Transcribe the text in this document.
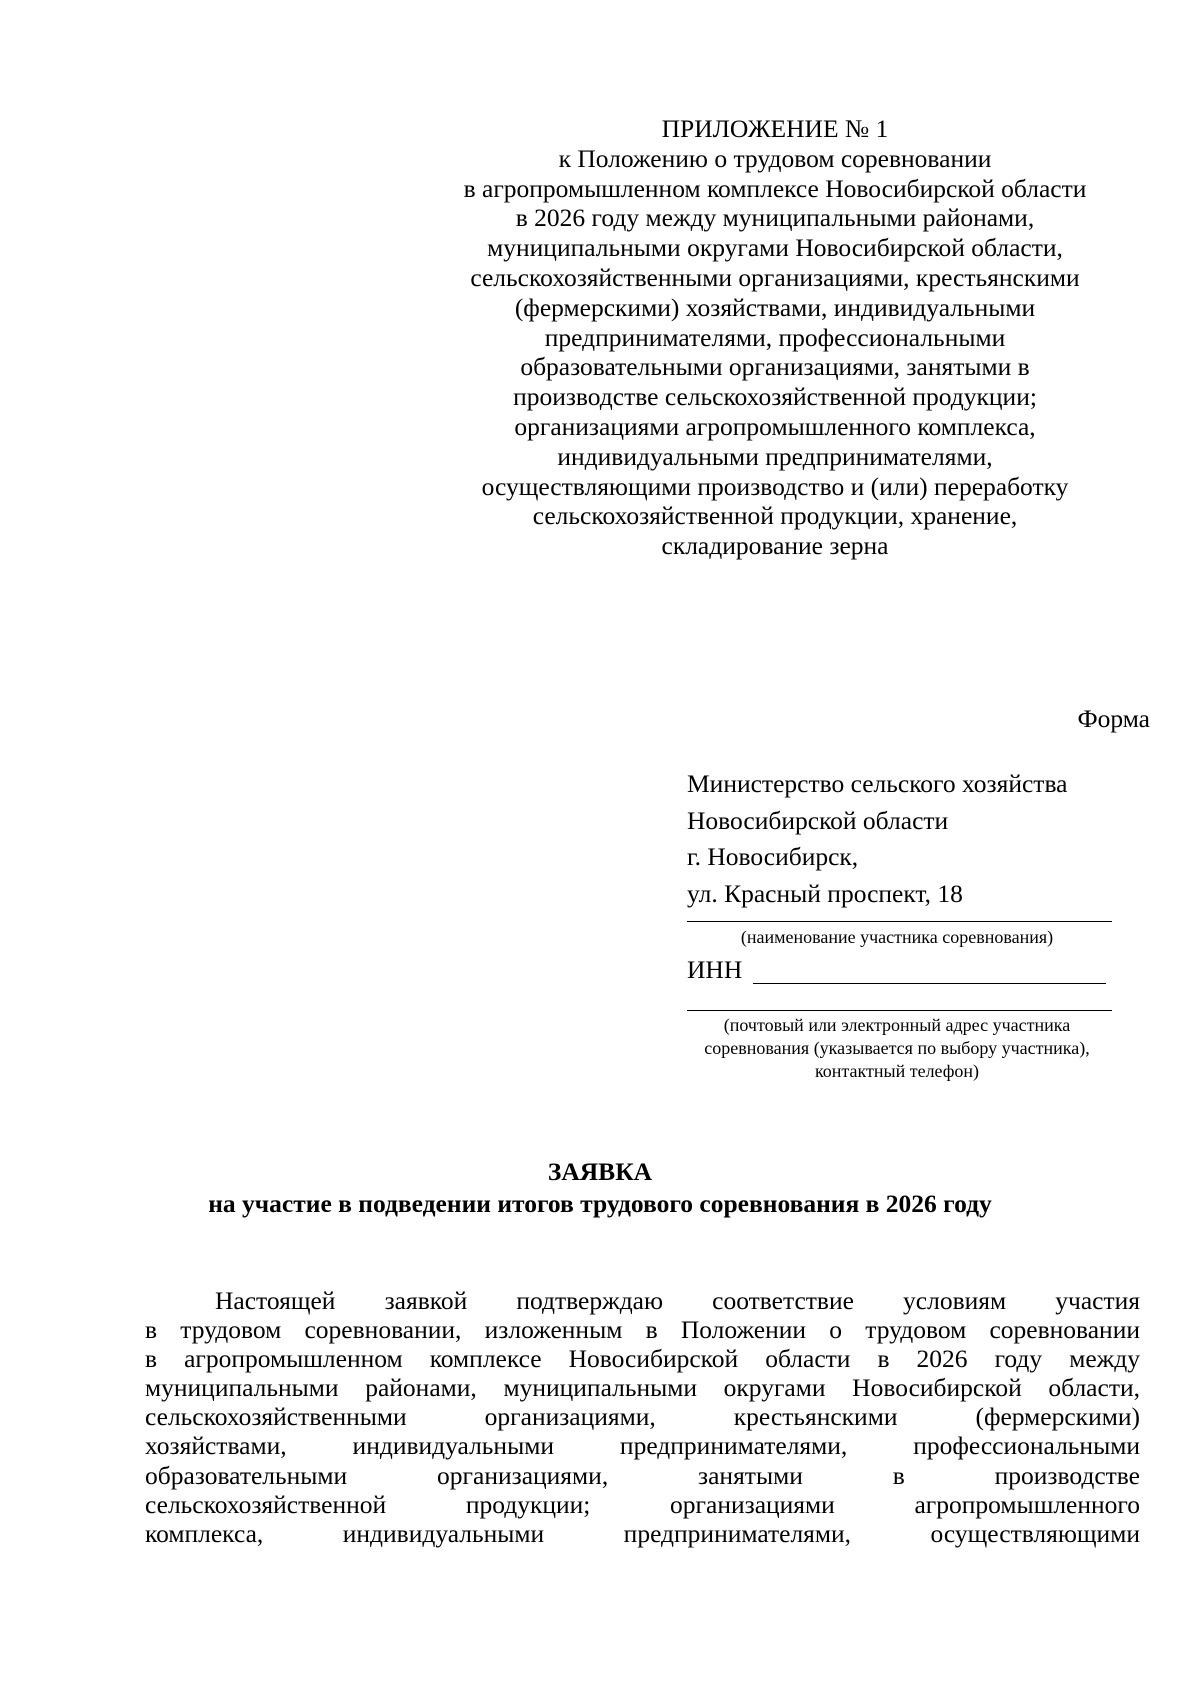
ПРИЛОЖЕНИЕ № 1
к Положению о трудовом соревновании
в агропромышленном комплексе Новосибирской области
в 2026 году между муниципальными районами,
муниципальными округами Новосибирской области,
сельскохозяйственными организациями, крестьянскими
(фермерскими) хозяйствами, индивидуальными
предпринимателями, профессиональными
образовательными организациями, занятыми в
производстве сельскохозяйственной продукции;
организациями агропромышленного комплекса,
индивидуальными предпринимателями,
осуществляющими производство и (или) переработку
сельскохозяйственной продукции, хранение,
складирование зерна
Форма
Министерство сельского хозяйства
Новосибирской области
г. Новосибирск,
ул. Красный проспект, 18
(наименование участника соревнования)
ИНН
(почтовый или электронный адрес участника
соревнования (указывается по выбору участника),
контактный телефон)
ЗАЯВКА
на участие в подведении итогов трудового соревнования в 2026 году
Настоящей заявкой подтверждаю соответствие условиям участия
в трудовом соревновании, изложенным в Положении о трудовом соревновании
в агропромышленном комплексе Новосибирской области в 2026 году между
муниципальными районами, муниципальными округами Новосибирской области,
сельскохозяйственными организациями, крестьянскими (фермерскими)
хозяйствами, индивидуальными предпринимателями, профессиональными
образовательными организациями, занятыми в производстве
сельскохозяйственной продукции; организациями агропромышленного
комплекса, индивидуальными предпринимателями, осуществляющими
